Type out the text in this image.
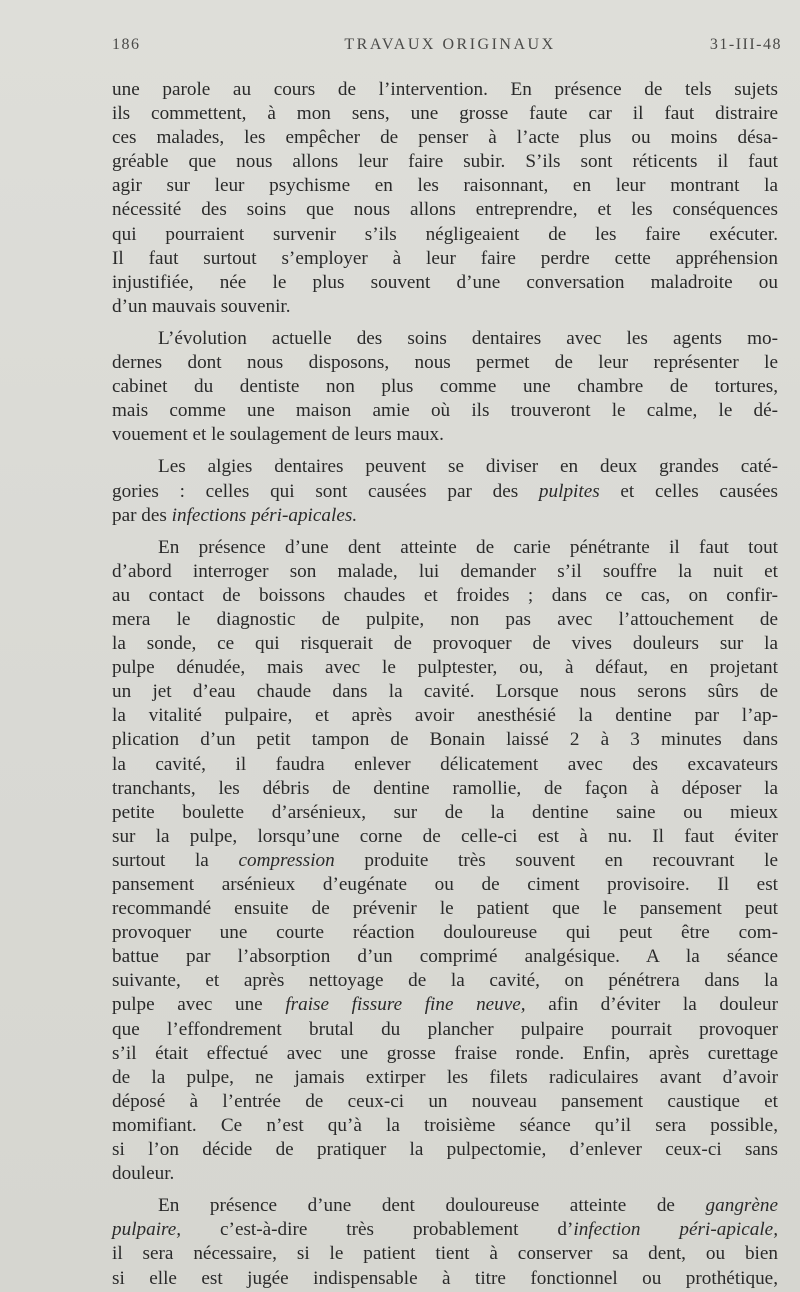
186	TRAVAUX ORIGINAUX	31-III-48
une parole au cours de l’intervention. En présence de tels sujets
ils commettent, à mon sens, une grosse faute car il faut distraire
ces malades, les empêcher de penser à l’acte plus ou moins désa-
gréable que nous allons leur faire subir. S’ils sont réticents il faut
agir sur leur psychisme en les raisonnant, en leur montrant la
nécessité des soins que nous allons entreprendre, et les conséquences
qui pourraient survenir s’ils négligeaient de les faire exécuter.
Il faut surtout s’employer à leur faire perdre cette appréhension
injustifiée, née le plus souvent d’une conversation maladroite ou
d’un mauvais souvenir.
L’évolution actuelle des soins dentaires avec les agents mo-
dernes dont nous disposons, nous permet de leur représenter le
cabinet du dentiste non plus comme une chambre de tortures,
mais comme une maison amie où ils trouveront le calme, le dé-
vouement et le soulagement de leurs maux.
Les algies dentaires peuvent se diviser en deux grandes caté-
gories : celles qui sont causées par des pulpites et celles causées
par des infections péri-apicales.
En présence d’une dent atteinte de carie pénétrante il faut tout
d’abord interroger son malade, lui demander s’il souffre la nuit et
au contact de boissons chaudes et froides ; dans ce cas, on confir-
mera le diagnostic de pulpite, non pas avec l’attouchement de
la sonde, ce qui risquerait de provoquer de vives douleurs sur la
pulpe dénudée, mais avec le pulptester, ou, à défaut, en projetant
un jet d’eau chaude dans la cavité. Lorsque nous serons sûrs de
la vitalité pulpaire, et après avoir anesthésié la dentine par l’ap-
plication d’un petit tampon de Bonain laissé 2 à 3 minutes dans
la cavité, il faudra enlever délicatement avec des excavateurs
tranchants, les débris de dentine ramollie, de façon à déposer la
petite boulette d’arsénieux, sur de la dentine saine ou mieux
sur la pulpe, lorsqu’une corne de celle-ci est à nu. Il faut éviter
surtout la compression produite très souvent en recouvrant le
pansement arsénieux d’eugénate ou de ciment provisoire. Il est
recommandé ensuite de prévenir le patient que le pansement peut
provoquer une courte réaction douloureuse qui peut être com-
battue par l’absorption d’un comprimé analgésique. A la séance
suivante, et après nettoyage de la cavité, on pénétrera dans la
pulpe avec une fraise fissure fine neuve, afin d’éviter la douleur
que l’effondrement brutal du plancher pulpaire pourrait provoquer
s’il était effectué avec une grosse fraise ronde. Enfin, après curettage
de la pulpe, ne jamais extirper les filets radiculaires avant d’avoir
déposé à l’entrée de ceux-ci un nouveau pansement caustique et
momifiant. Ce n’est qu’à la troisième séance qu’il sera possible,
si l’on décide de pratiquer la pulpectomie, d’enlever ceux-ci sans
douleur.
En présence d’une dent douloureuse atteinte de gangrène
pulpaire, c’est-à-dire très probablement d’infection péri-apicale,
il sera nécessaire, si le patient tient à conserver sa dent, ou bien
si elle est jugée indispensable à titre fonctionnel ou prothétique,
